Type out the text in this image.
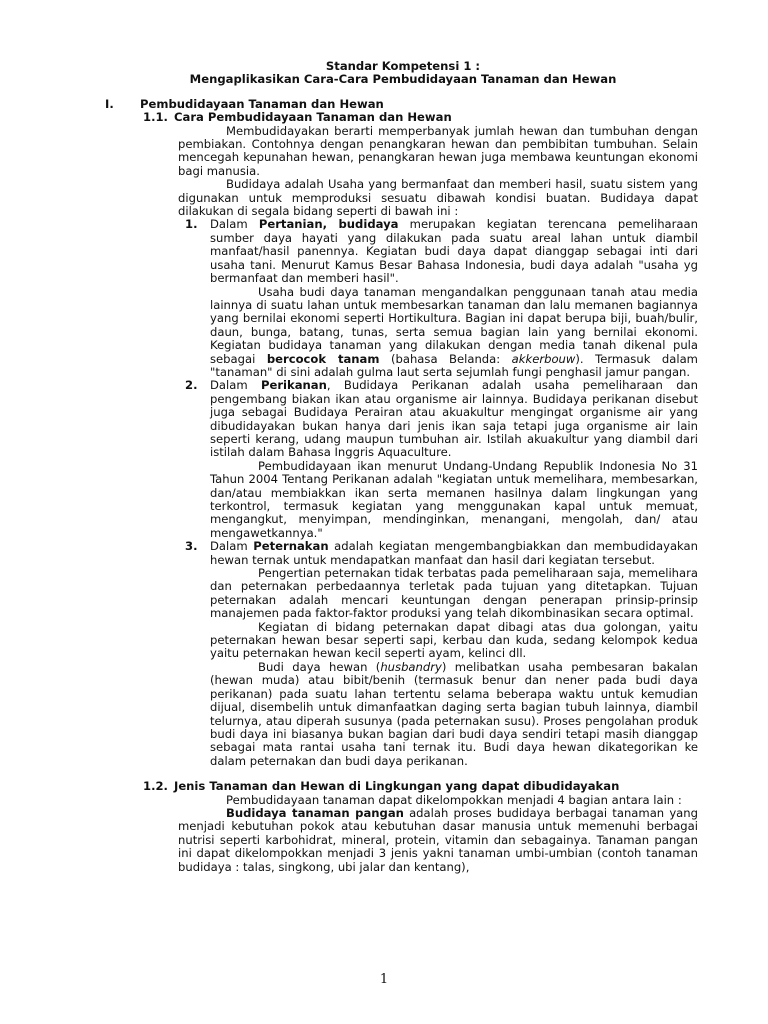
Standar Kompetensi 1 :
Mengaplikasikan Cara-Cara Pembudidayaan Tanaman dan Hewan
I.	Pembudidayaan Tanaman dan Hewan
1.1. Cara Pembudidayaan Tanaman dan Hewan

Membudidayakan berarti memperbanyak jumlah hewan dan tumbuhan dengan pembiakan. Contohnya dengan penangkaran hewan dan pembibitan tumbuhan. Selain mencegah kepunahan hewan, penangkaran hewan juga membawa keuntungan ekonomi bagi manusia.

Budidaya adalah Usaha yang bermanfaat dan memberi hasil, suatu sistem yang digunakan untuk memproduksi sesuatu dibawah kondisi buatan. Budidaya dapat dilakukan di segala bidang seperti di bawah ini :

1.	Dalam Pertanian, budidaya merupakan kegiatan terencana pemeliharaan sumber daya hayati yang dilakukan pada suatu areal lahan untuk diambil manfaat/hasil panennya. Kegiatan budi daya dapat dianggap sebagai inti dari usaha tani. Menurut Kamus Besar Bahasa Indonesia, budi daya adalah "usaha yg bermanfaat dan memberi hasil".

Usaha budi daya tanaman mengandalkan penggunaan tanah atau media lainnya di suatu lahan untuk membesarkan tanaman dan lalu memanen bagiannya yang bernilai ekonomi seperti Hortikultura. Bagian ini dapat berupa biji, buah/bulir, daun, bunga, batang, tunas, serta semua bagian lain yang bernilai ekonomi. Kegiatan budidaya tanaman yang dilakukan dengan media tanah dikenal pula sebagai bercocok tanam (bahasa Belanda: akkerbouw). Termasuk dalam "tanaman" di sini adalah gulma laut serta sejumlah fungi penghasil jamur pangan.

2.	Dalam Perikanan, Budidaya Perikanan adalah usaha pemeliharaan dan pengembang biakan ikan atau organisme air lainnya. Budidaya perikanan disebut juga sebagai Budidaya Perairan atau akuakultur mengingat organisme air yang dibudidayakan bukan hanya dari jenis ikan saja tetapi juga organisme air lain seperti kerang, udang maupun tumbuhan air. Istilah akuakultur yang diambil dari istilah dalam Bahasa Inggris Aquaculture.

Pembudidayaan ikan menurut Undang-Undang Republik Indonesia No 31 Tahun 2004 Tentang Perikanan adalah "kegiatan untuk memelihara, membesarkan, dan/atau membiakkan ikan serta memanen hasilnya dalam lingkungan yang terkontrol, termasuk kegiatan yang menggunakan kapal untuk memuat, mengangkut, menyimpan, mendinginkan, menangani, mengolah, dan/ atau mengawetkannya."

3.	Dalam Peternakan adalah kegiatan mengembangbiakkan dan membudidayakan hewan ternak untuk mendapatkan manfaat dan hasil dari kegiatan tersebut.

Pengertian peternakan tidak terbatas pada pemeliharaan saja, memelihara dan peternakan perbedaannya terletak pada tujuan yang ditetapkan. Tujuan peternakan adalah mencari keuntungan dengan penerapan prinsip-prinsip manajemen pada faktor-faktor produksi yang telah dikombinasikan secara optimal.

Kegiatan di bidang peternakan dapat dibagi atas dua golongan, yaitu peternakan hewan besar seperti sapi, kerbau dan kuda, sedang kelompok kedua yaitu peternakan hewan kecil seperti ayam, kelinci dll.

Budi daya hewan (husbandry) melibatkan usaha pembesaran bakalan (hewan muda) atau bibit/benih (termasuk benur dan nener pada budi daya perikanan) pada suatu lahan tertentu selama beberapa waktu untuk kemudian dijual, disembelih untuk dimanfaatkan daging serta bagian tubuh lainnya, diambil telurnya, atau diperah susunya (pada peternakan susu). Proses pengolahan produk budi daya ini biasanya bukan bagian dari budi daya sendiri tetapi masih dianggap sebagai mata rantai usaha tani ternak itu. Budi daya hewan dikategorikan ke dalam peternakan dan budi daya perikanan.

1.2. Jenis Tanaman dan Hewan di Lingkungan yang dapat dibudidayakan

Pembudidayaan tanaman dapat dikelompokkan menjadi 4 bagian antara lain :

Budidaya tanaman pangan adalah proses budidaya berbagai tanaman yang menjadi kebutuhan pokok atau kebutuhan dasar manusia untuk memenuhi berbagai nutrisi seperti karbohidrat, mineral, protein, vitamin dan sebagainya. Tanaman pangan ini dapat dikelompokkan menjadi 3 jenis yakni tanaman umbi-umbian (contoh tanaman budidaya : talas, singkong, ubi jalar dan kentang),

1
